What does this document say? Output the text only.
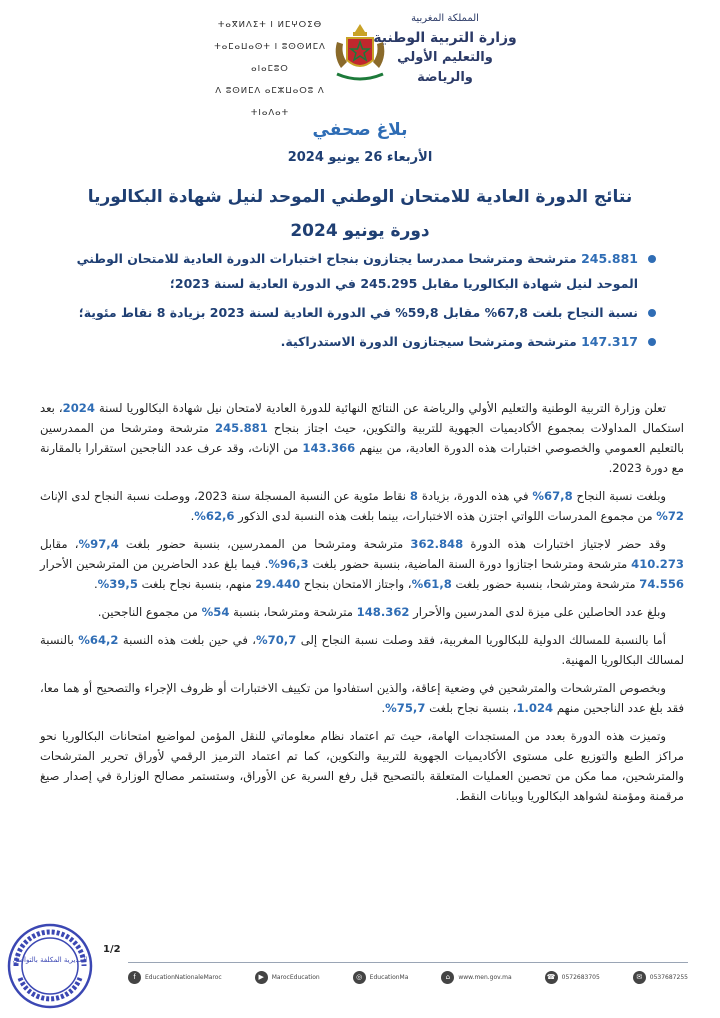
ⵜⴰⴳⵍⴷⵉⵜ ⵏ ⵍⵎⵖⵔⵉⴱ
ⵜⴰⵎⴰⵡⴰⵙⵜ ⵏ ⵓⵙⵙⵍⵎⴷ ⴰⵏⴰⵎⵓⵔ
ⴷ ⵓⵙⵍⵎⴷ ⴰⵎⵣⵡⴰⵔⵓ ⴷ ⵜⵏⴰⴷⴰⵜ
المملكة المغربية
وزارة التربية الوطنية
والتعليم الأولي والرياضة
بلاغ صحفي
الأربعاء 26 يونيو 2024
نتائج الدورة العادية للامتحان الوطني الموحد لنيل شهادة البكالوريا
دورة يونيو 2024
245.881 مترشحة ومترشحا ممدرسا يجتازون بنجاح اختبارات الدورة العادية للامتحان الوطني الموحد لنيل شهادة البكالوريا مقابل 245.295 في الدورة العادية لسنة 2023؛
نسبة النجاح بلغت 67,8% مقابل 59,8% في الدورة العادية لسنة 2023 بزيادة 8 نقاط مئوية؛
147.317 مترشحة ومترشحا سيجتازون الدورة الاستدراكية.

تعلن وزارة التربية الوطنية والتعليم الأولي والرياضة عن النتائج النهائية للدورة العادية لامتحان نيل شهادة البكالوريا لسنة 2024، بعد استكمال المداولات بمجموع الأكاديميات الجهوية للتربية والتكوين، حيث اجتاز بنجاح 245.881 مترشحة ومترشحا من الممدرسين بالتعليم العمومي والخصوصي اختبارات هذه الدورة العادية، من بينهم 143.366 من الإناث، وقد عرف عدد الناجحين استقرارا بالمقارنة مع دورة 2023.

وبلغت نسبة النجاح 67,8% في هذه الدورة، بزيادة 8 نقاط مئوية عن النسبة المسجلة سنة 2023، ووصلت نسبة النجاح لدى الإناث 72% من مجموع المدرسات اللواتي اجتزن هذه الاختبارات، بينما بلغت هذه النسبة لدى الذكور 62,6%.

وقد حضر لاجتياز اختبارات هذه الدورة 362.848 مترشحة ومترشحا من الممدرسين، بنسبة حضور بلغت 97,4%، مقابل 410.273 مترشحة ومترشحا اجتازوا دورة السنة الماضية، بنسبة حضور بلغت 96,3%. فيما بلغ عدد الحاضرين من المترشحين الأحرار 74.556 مترشحة ومترشحا، بنسبة حضور بلغت 61,8%، واجتاز الامتحان بنجاح 29.440 منهم، بنسبة نجاح بلغت 39,5%.

وبلغ عدد الحاصلين على ميزة لدى المدرسين والأحرار 148.362 مترشحة ومترشحا، بنسبة 54% من مجموع الناجحين.

أما بالنسبة للمسالك الدولية للبكالوريا المغربية، فقد وصلت نسبة النجاح إلى 70,7%، في حين بلغت هذه النسبة 64,2% بالنسبة لمسالك البكالوريا المهنية.

وبخصوص المترشحات والمترشحين في وضعية إعاقة، والذين استفادوا من تكييف الاختبارات أو ظروف الإجراء والتصحيح أو هما معا، فقد بلغ عدد الناجحين منهم 1.024، بنسبة نجاح بلغت 75,7%.

وتميزت هذه الدورة بعدد من المستجدات الهامة، حيث تم اعتماد نظام معلوماتي للنقل المؤمن لمواضيع امتحانات البكالوريا نحو مراكز الطبع والتوزيع على مستوى الأكاديميات الجهوية للتربية والتكوين، كما تم اعتماد الترميز الرقمي لأوراق تحرير المترشحات والمترشحين، مما مكن من تحصين العمليات المتعلقة بالتصحيح قبل رفع السرية عن الأوراق، وستستمر مصالح الوزارة في إصدار صيغ مرقمنة ومؤمنة لشواهد البكالوريا وبيانات النقط.

المديرية المكلفة بالتواصل
1/2
f	EducationNationaleMaroc	▶	MarocEducation	◎	EducationMa	⌂	www.men.gov.ma	☎	0572683705	✉	0537687255
